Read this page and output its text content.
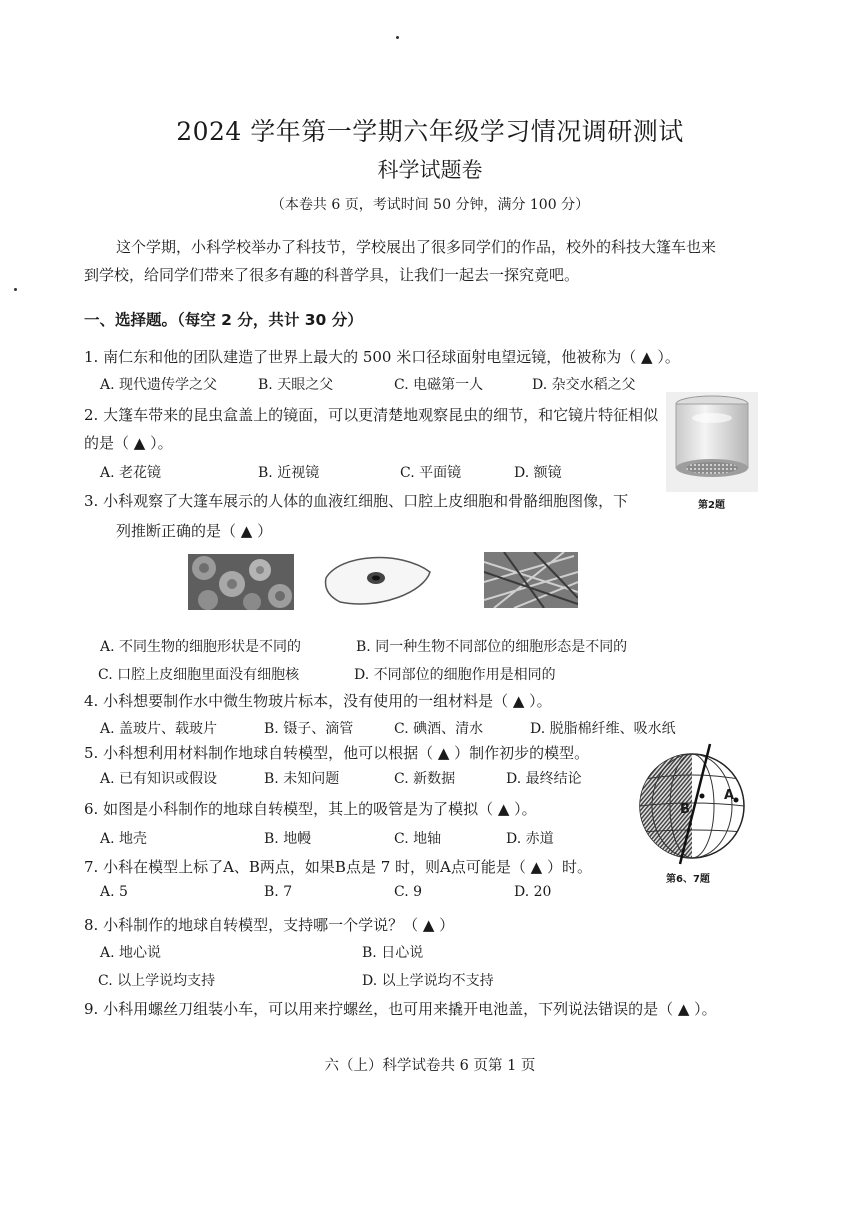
2024 学年第一学期六年级学习情况调研测试
科学试题卷
（本卷共 6 页，考试时间 50 分钟，满分 100 分）
这个学期，小科学校举办了科技节，学校展出了很多同学们的作品，校外的科技大篷车也来
到学校，给同学们带来了很多有趣的科普学具，让我们一起去一探究竟吧。
一、选择题。（每空 2 分，共计 30 分）
1. 南仁东和他的团队建造了世界上最大的 500 米口径球面射电望远镜，他被称为（ ▲ ）。
A. 现代遗传学之父	B. 天眼之父	C. 电磁第一人	D. 杂交水稻之父
2. 大篷车带来的昆虫盒盖上的镜面，可以更清楚地观察昆虫的细节，和它镜片特征相似
的是（ ▲ ）。
A. 老花镜	B. 近视镜	C. 平面镜	D. 额镜
第2题
3. 小科观察了大篷车展示的人体的血液红细胞、口腔上皮细胞和骨骼细胞图像，下
列推断正确的是（ ▲ ）
A. 不同生物的细胞形状是不同的	B. 同一种生物不同部位的细胞形态是不同的
C. 口腔上皮细胞里面没有细胞核	D. 不同部位的细胞作用是相同的
4. 小科想要制作水中微生物玻片标本，没有使用的一组材料是（ ▲ ）。
A. 盖玻片、载玻片	B. 镊子、滴管	C. 碘酒、清水	D. 脱脂棉纤维、吸水纸
5. 小科想利用材料制作地球自转模型，他可以根据（ ▲ ）制作初步的模型。
A. 已有知识或假设	B. 未知问题	C. 新数据	D. 最终结论
A
B
第6、7题
6. 如图是小科制作的地球自转模型，其上的吸管是为了模拟（ ▲ ）。
A. 地壳	B. 地幔	C. 地轴	D. 赤道
7. 小科在模型上标了A、B两点，如果B点是 7 时，则A点可能是（ ▲ ）时。
A. 5	B. 7	C. 9	D. 20
8. 小科制作的地球自转模型，支持哪一个学说？（ ▲ ）
A. 地心说	B. 日心说
C. 以上学说均支持	D. 以上学说均不支持
9. 小科用螺丝刀组装小车，可以用来拧螺丝，也可用来撬开电池盖，下列说法错误的是（ ▲ ）。
六（上）科学试卷共 6 页第 1 页
